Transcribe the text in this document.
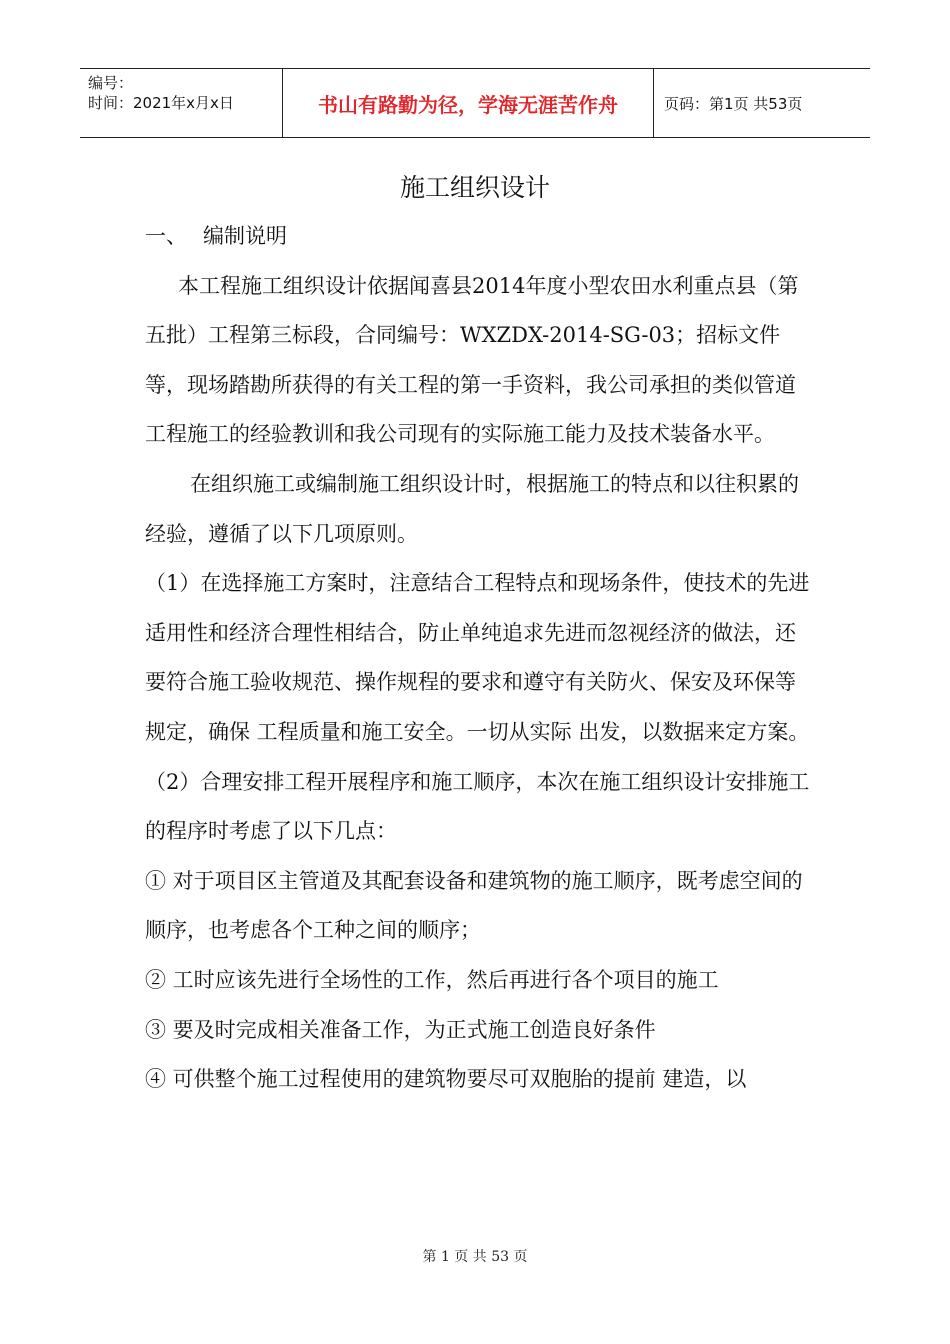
编号：
时间：2021年x月x日	书山有路勤为径，学海无涯苦作舟	页码：第1页 共53页
施工组织设计

一、 编制说明

本工程施工组织设计依据闻喜县2014年度小型农田水利重点县（第五批）工程第三标段，合同编号：WXZDX-2014-SG-03；招标文件等，现场踏勘所获得的有关工程的第一手资料，我公司承担的类似管道工程施工的经验教训和我公司现有的实际施工能力及技术装备水平。

在组织施工或编制施工组织设计时，根据施工的特点和以往积累的经验，遵循了以下几项原则。

（1）在选择施工方案时，注意结合工程特点和现场条件，使技术的先进适用性和经济合理性相结合，防止单纯追求先进而忽视经济的做法，还要符合施工验收规范、操作规程的要求和遵守有关防火、保安及环保等规定，确保 工程质量和施工安全。一切从实际 出发，以数据来定方案。

（2）合理安排工程开展程序和施工顺序，本次在施工组织设计安排施工的程序时考虑了以下几点：

① 对于项目区主管道及其配套设备和建筑物的施工顺序，既考虑空间的顺序，也考虑各个工种之间的顺序；

② 工时应该先进行全场性的工作，然后再进行各个项目的施工

③ 要及时完成相关准备工作，为正式施工创造良好条件

④ 可供整个施工过程使用的建筑物要尽可双胞胎的提前 建造，以

第 1 页 共 53 页
